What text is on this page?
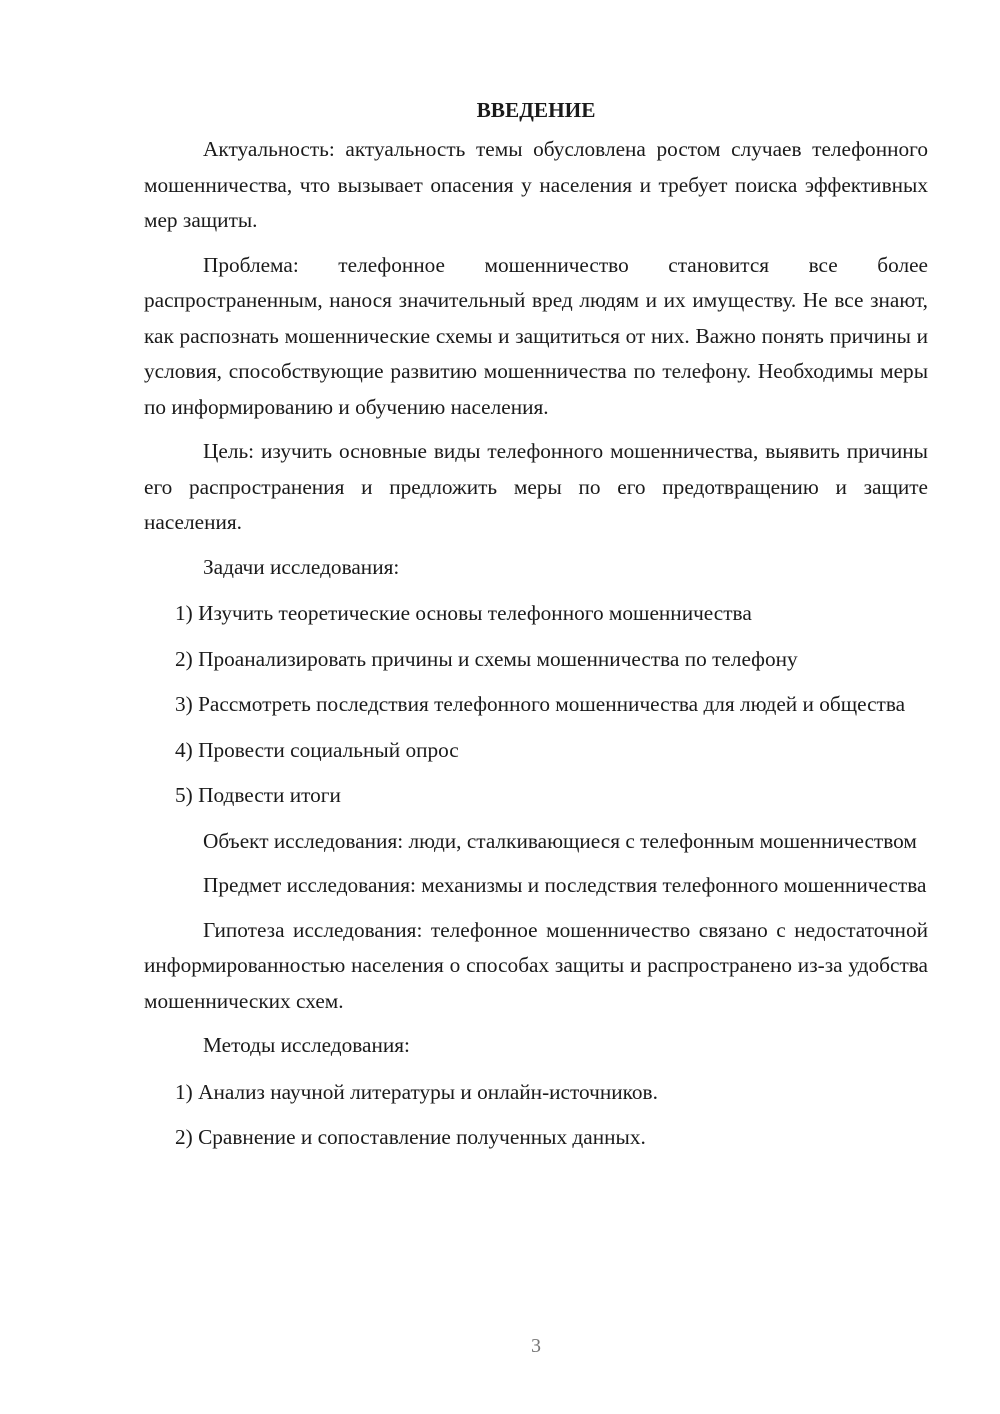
ВВЕДЕНИЕ
Актуальность: актуальность темы обусловлена ростом случаев телефонного мошенничества, что вызывает опасения у населения и требует поиска эффективных мер защиты.
Проблема: телефонное мошенничество становится все более распространенным, нанося значительный вред людям и их имуществу. Не все знают, как распознать мошеннические схемы и защититься от них. Важно понять причины и условия, способствующие развитию мошенничества по телефону. Необходимы меры по информированию и обучению населения.
Цель: изучить основные виды телефонного мошенничества, выявить причины его распространения и предложить меры по его предотвращению и защите населения.
Задачи исследования:
1) Изучить теоретические основы телефонного мошенничества
2) Проанализировать причины и схемы мошенничества по телефону
3) Рассмотреть последствия телефонного мошенничества для людей и общества
4) Провести социальный опрос
5) Подвести итоги
Объект исследования: люди, сталкивающиеся с телефонным мошенничеством
Предмет исследования: механизмы и последствия телефонного мошенничества
Гипотеза исследования: телефонное мошенничество связано с недостаточной информированностью населения о способах защиты и распространено из-за удобства мошеннических схем.
Методы исследования:
1) Анализ научной литературы и онлайн-источников.
2) Сравнение и сопоставление полученных данных.
3
